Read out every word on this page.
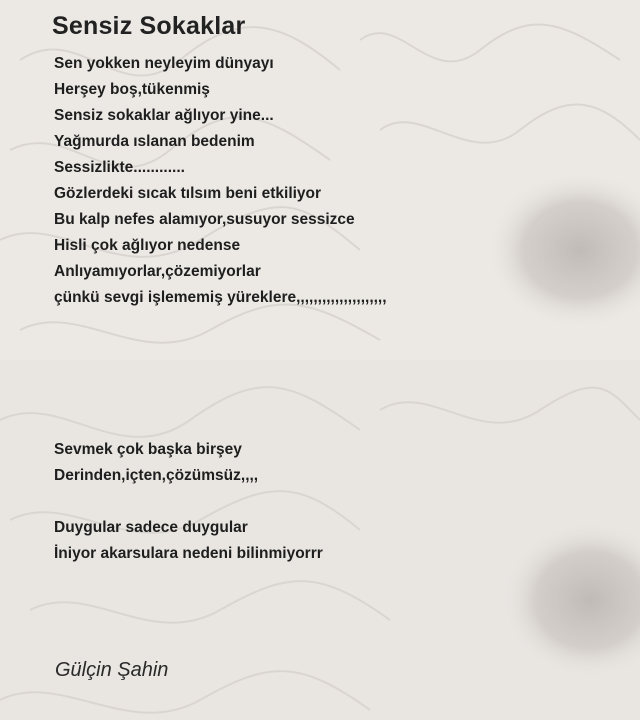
Sensiz Sokaklar
Sen yokken neyleyim dünyayı
Herşey boş,tükenmiş
Sensiz sokaklar ağlıyor yine...
Yağmurda ıslanan bedenim
Sessizlikte............
Gözlerdeki sıcak tılsım beni etkiliyor
Bu kalp nefes alamıyor,susuyor sessizce
Hisli çok ağlıyor nedense
Anlıyamıyorlar,çözemiyorlar
çünkü sevgi işlememiş yüreklere,,,,,,,,,,,,,,,,,,,,,
Sevmek çok başka birşey
Derinden,içten,çözümsüz,,,,
Duygular sadece duygular
İniyor akarsulara nedeni bilinmiyorrr

Gülçin Şahin
